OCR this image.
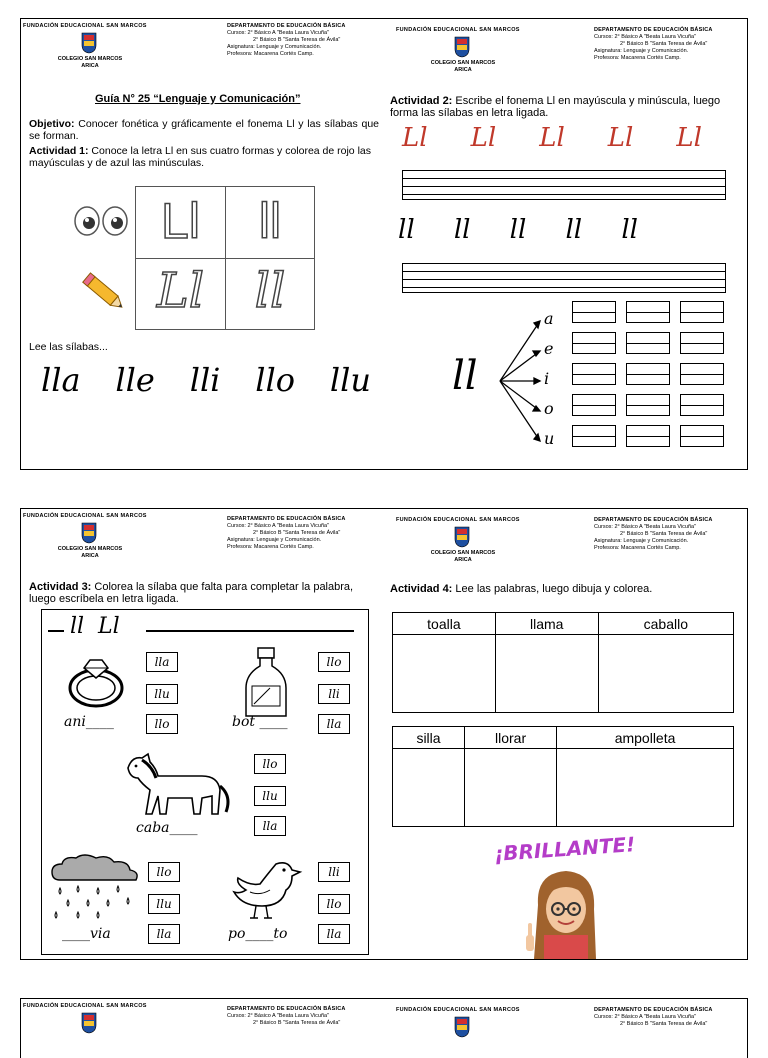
FUNDACIÓN EDUCACIONAL SAN MARCOS
COLEGIO SAN MARCOS
ARICA
DEPARTAMENTO DE EDUCACIÓN BÁSICA
Cursos: 2° Básico A "Beata Laura Vicuña"
2° Básico B "Santa Teresa de Ávila"
Asignatura: Lenguaje y Comunicación.
Profesora: Macarena Cortés Camp.
Guía N° 25 “Lenguaje y Comunicación”
Objetivo: Conocer fonética y gráficamente el fonema Ll y las sílabas que se forman.
Actividad 1: Conoce la letra Ll en sus cuatro formas y colorea de rojo las mayúsculas y de azul las minúsculas.
Ll	ll
Ll	ll
Lee las sílabas...
lla lle lli llo llu
FUNDACIÓN EDUCACIONAL SAN MARCOS
COLEGIO SAN MARCOS
ARICA
DEPARTAMENTO DE EDUCACIÓN BÁSICA
Cursos: 2° Básico A "Beata Laura Vicuña"
2° Básico B "Santa Teresa de Ávila"
Asignatura: Lenguaje y Comunicación.
Profesora: Macarena Cortés Camp.
Actividad 2: Escribe el fonema Ll en mayúscula y minúscula, luego forma las sílabas en letra ligada.
Ll Ll Ll Ll Ll
ll ll ll ll ll
ll
a
e
i
o
u
FUNDACIÓN EDUCACIONAL SAN MARCOS
COLEGIO SAN MARCOS
ARICA
DEPARTAMENTO DE EDUCACIÓN BÁSICA
Cursos: 2° Básico A "Beata Laura Vicuña"
2° Básico B "Santa Teresa de Ávila"
Asignatura: Lenguaje y Comunicación.
Profesora: Macarena Cortés Camp.
Actividad 3: Colorea la sílaba que falta para completar la palabra, luego escríbela en letra ligada.
ll  Ll
lla
llu
llo
ani____
llo
lli
lla
bot ____
llo
llu
lla
caba____
llo
llu
lla
____via
lli
llo
lla
po____to
FUNDACIÓN EDUCACIONAL SAN MARCOS
COLEGIO SAN MARCOS
ARICA
DEPARTAMENTO DE EDUCACIÓN BÁSICA
Cursos: 2° Básico A "Beata Laura Vicuña"
2° Básico B "Santa Teresa de Ávila"
Asignatura: Lenguaje y Comunicación.
Profesora: Macarena Cortés Camp.
Actividad 4: Lee las palabras, luego dibuja y colorea.
toalla	llama	caballo

silla	llorar	ampolleta

¡BRILLANTE!
FUNDACIÓN EDUCACIONAL SAN MARCOS	DEPARTAMENTO DE EDUCACIÓN BÁSICA
Cursos: 2° Básico A "Beata Laura Vicuña"
2° Básico B "Santa Teresa de Ávila"
FUNDACIÓN EDUCACIONAL SAN MARCOS	DEPARTAMENTO DE EDUCACIÓN BÁSICA
Cursos: 2° Básico A "Beata Laura Vicuña"
2° Básico B "Santa Teresa de Ávila"
